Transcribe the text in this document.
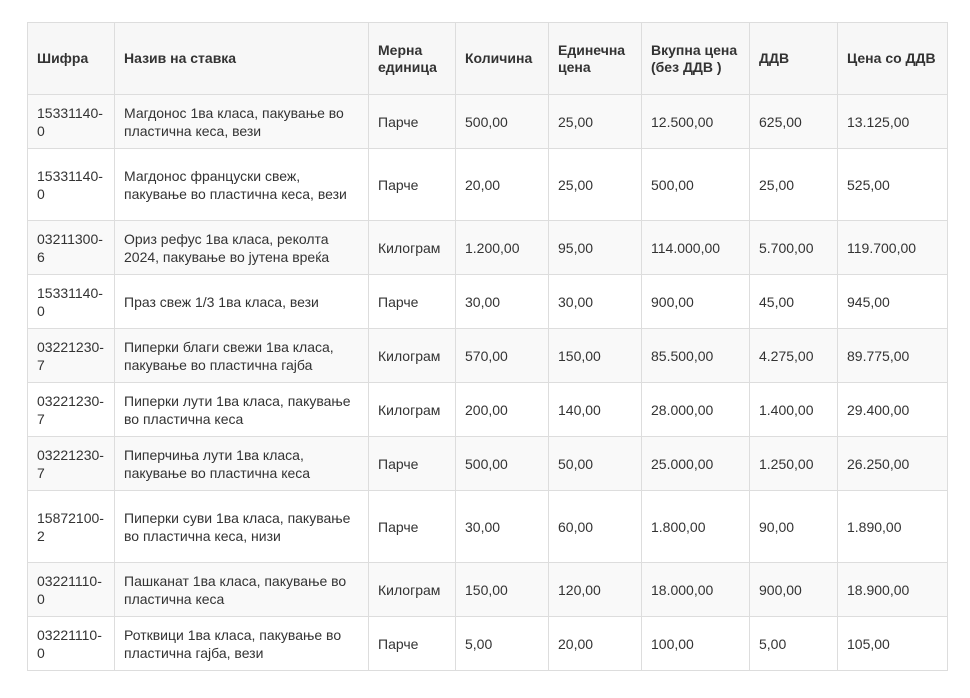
Шифра	Назив на ставка	Мерна единица	Количина	Единечна цена	Вкупна цена (без ДДВ )	ДДВ	Цена со ДДВ
15331140-0	Магдонос 1ва класа, пакување во пластична кеса, вези	Парче	500,00	25,00	12.500,00	625,00	13.125,00
15331140-0	Магдонос француски свеж, пакување во пластична кеса, вези	Парче	20,00	25,00	500,00	25,00	525,00
03211300-6	Ориз рефус 1ва класа, реколта 2024, пакување во јутена вреќа	Килограм	1.200,00	95,00	114.000,00	5.700,00	119.700,00
15331140-0	Праз свеж 1/3 1ва класа, вези	Парче	30,00	30,00	900,00	45,00	945,00
03221230-7	Пиперки благи свежи 1ва класа, пакување во пластична гајба	Килограм	570,00	150,00	85.500,00	4.275,00	89.775,00
03221230-7	Пиперки лути 1ва класа, пакување во пластична кеса	Килограм	200,00	140,00	28.000,00	1.400,00	29.400,00
03221230-7	Пиперчиња лути 1ва класа, пакување во пластична кеса	Парче	500,00	50,00	25.000,00	1.250,00	26.250,00
15872100-2	Пиперки суви 1ва класа, пакување во пластична кеса, низи	Парче	30,00	60,00	1.800,00	90,00	1.890,00
03221110-0	Пашканат 1ва класа, пакување во пластична кеса	Килограм	150,00	120,00	18.000,00	900,00	18.900,00
03221110-0	Ротквици 1ва класа, пакување во пластична гајба, вези	Парче	5,00	20,00	100,00	5,00	105,00
